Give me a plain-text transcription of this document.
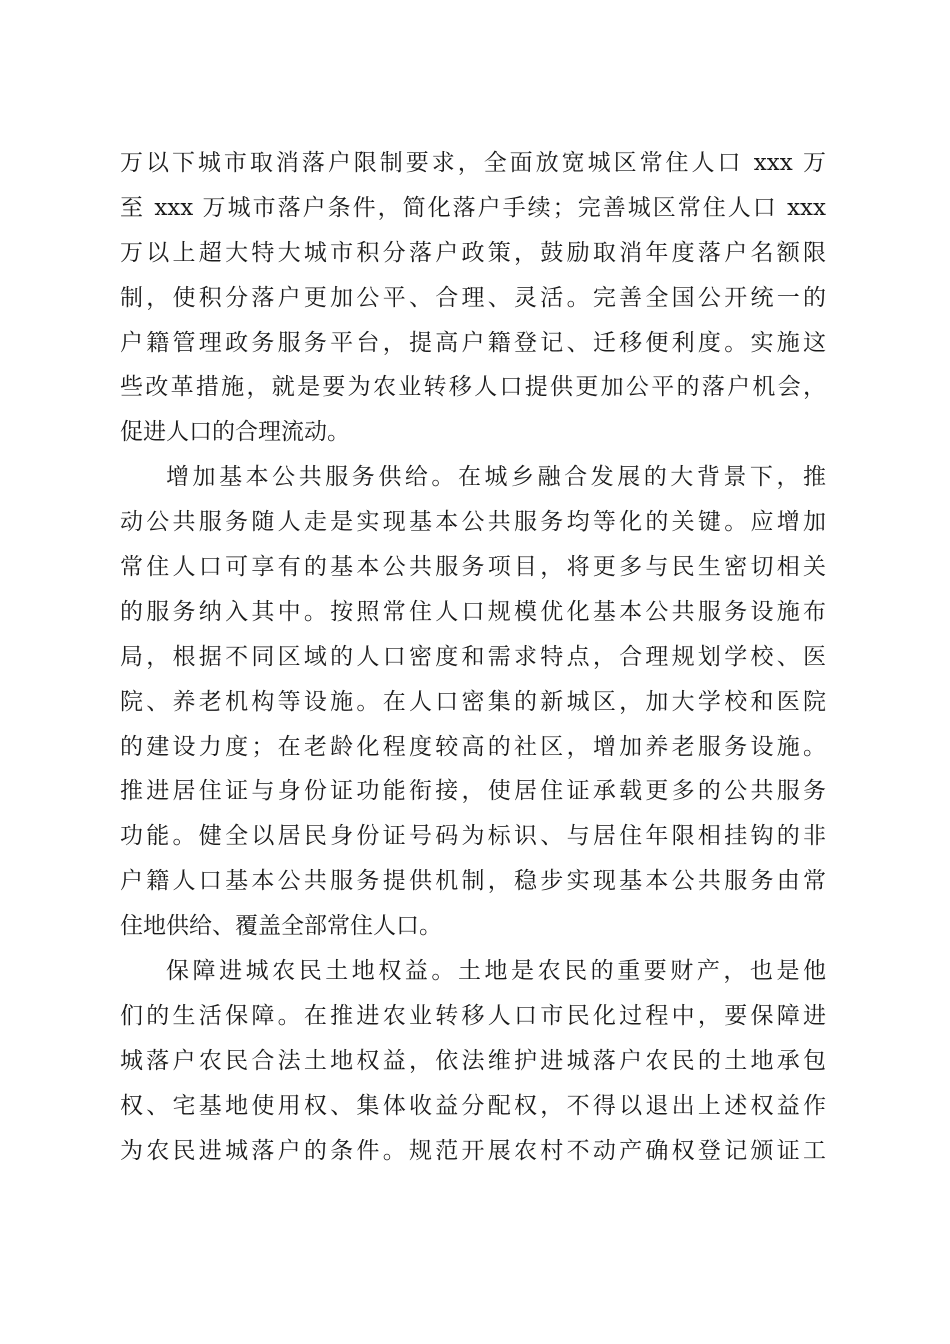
万以下城市取消落户限制要求，全面放宽城区常住人口 xxx 万
至 xxx 万城市落户条件，简化落户手续；完善城区常住人口 xxx
万以上超大特大城市积分落户政策，鼓励取消年度落户名额限
制，使积分落户更加公平、合理、灵活。完善全国公开统一的
户籍管理政务服务平台，提高户籍登记、迁移便利度。实施这
些改革措施，就是要为农业转移人口提供更加公平的落户机会，
促进人口的合理流动。
增加基本公共服务供给。在城乡融合发展的大背景下，推
动公共服务随人走是实现基本公共服务均等化的关键。应增加
常住人口可享有的基本公共服务项目，将更多与民生密切相关
的服务纳入其中。按照常住人口规模优化基本公共服务设施布
局，根据不同区域的人口密度和需求特点，合理规划学校、医
院、养老机构等设施。在人口密集的新城区，加大学校和医院
的建设力度；在老龄化程度较高的社区，增加养老服务设施。
推进居住证与身份证功能衔接，使居住证承载更多的公共服务
功能。健全以居民身份证号码为标识、与居住年限相挂钩的非
户籍人口基本公共服务提供机制，稳步实现基本公共服务由常
住地供给、覆盖全部常住人口。
保障进城农民土地权益。土地是农民的重要财产，也是他
们的生活保障。在推进农业转移人口市民化过程中，要保障进
城落户农民合法土地权益，依法维护进城落户农民的土地承包
权、宅基地使用权、集体收益分配权，不得以退出上述权益作
为农民进城落户的条件。规范开展农村不动产确权登记颁证工
